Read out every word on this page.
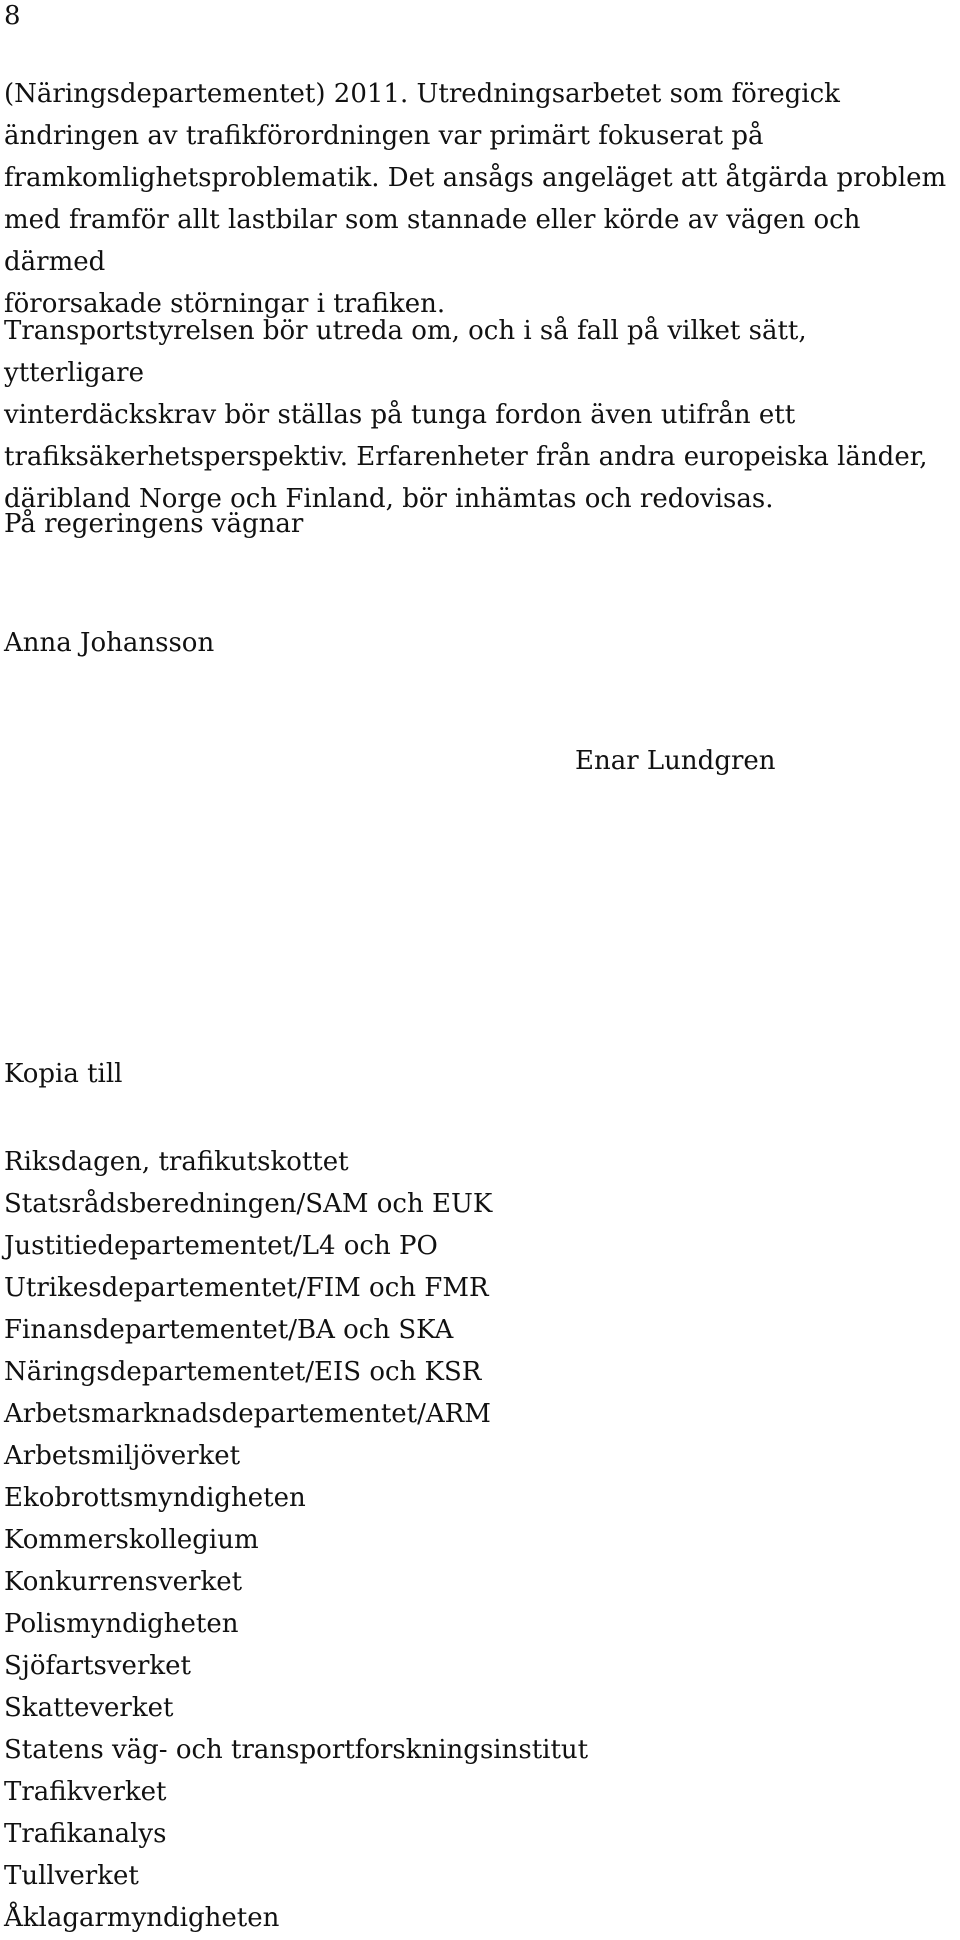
8

(Näringsdepartementet) 2011. Utredningsarbetet som föregick
ändringen av trafikförordningen var primärt fokuserat på
framkomlighetsproblematik. Det ansågs angeläget att åtgärda problem
med framför allt lastbilar som stannade eller körde av vägen och därmed
förorsakade störningar i trafiken.

Transportstyrelsen bör utreda om, och i så fall på vilket sätt, ytterligare
vinterdäckskrav bör ställas på tunga fordon även utifrån ett
trafiksäkerhetsperspektiv. Erfarenheter från andra europeiska länder,
däribland Norge och Finland, bör inhämtas och redovisas.

På regeringens vägnar

Anna Johansson

Enar Lundgren

Kopia till

Riksdagen, trafikutskottet
Statsrådsberedningen/SAM och EUK
Justitiedepartementet/L4 och PO
Utrikesdepartementet/FIM och FMR
Finansdepartementet/BA och SKA
Näringsdepartementet/EIS och KSR
Arbetsmarknadsdepartementet/ARM
Arbetsmiljöverket
Ekobrottsmyndigheten
Kommerskollegium
Konkurrensverket
Polismyndigheten
Sjöfartsverket
Skatteverket
Statens väg- och transportforskningsinstitut
Trafikverket
Trafikanalys
Tullverket
Åklagarmyndigheten
